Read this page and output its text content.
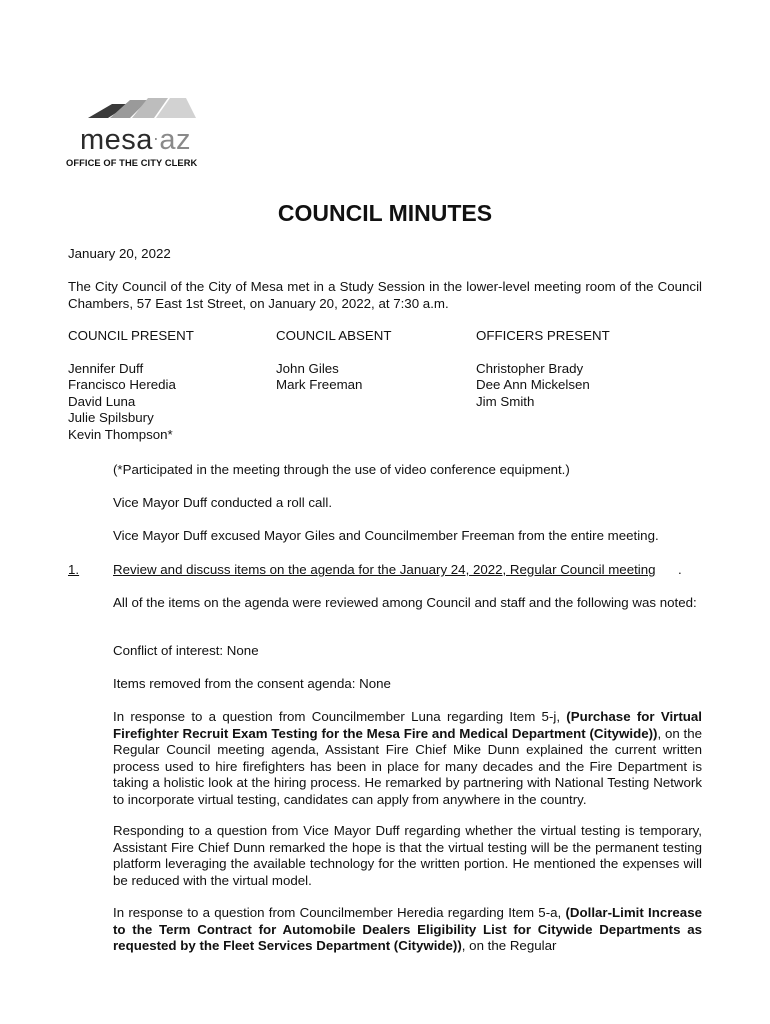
mesa·az
OFFICE OF THE CITY CLERK
COUNCIL MINUTES

January 20, 2022

The City Council of the City of Mesa met in a Study Session in the lower-level meeting room of the Council Chambers, 57 East 1st Street, on January 20, 2022, at 7:30 a.m.

COUNCIL PRESENT
Jennifer Duff
Francisco Heredia
David Luna
Julie Spilsbury
Kevin Thompson*
COUNCIL ABSENT
John Giles
Mark Freeman
OFFICERS PRESENT
Christopher Brady
Dee Ann Mickelsen
Jim Smith

(*Participated in the meeting through the use of video conference equipment.)

Vice Mayor Duff conducted a roll call.

Vice Mayor Duff excused Mayor Giles and Councilmember Freeman from the entire meeting.

1.	Review and discuss items on the agenda for the January 24, 2022, Regular Council meeting .

All of the items on the agenda were reviewed among Council and staff and the following was noted:

Conflict of interest: None

Items removed from the consent agenda: None

In response to a question from Councilmember Luna regarding Item 5-j, (Purchase for Virtual Firefighter Recruit Exam Testing for the Mesa Fire and Medical Department (Citywide)), on the Regular Council meeting agenda, Assistant Fire Chief Mike Dunn explained the current written process used to hire firefighters has been in place for many decades and the Fire Department is taking a holistic look at the hiring process. He remarked by partnering with National Testing Network to incorporate virtual testing, candidates can apply from anywhere in the country.

Responding to a question from Vice Mayor Duff regarding whether the virtual testing is temporary, Assistant Fire Chief Dunn remarked the hope is that the virtual testing will be the permanent testing platform leveraging the available technology for the written portion. He mentioned the expenses will be reduced with the virtual model.

In response to a question from Councilmember Heredia regarding Item 5-a, (Dollar-Limit Increase to the Term Contract for Automobile Dealers Eligibility List for Citywide Departments as requested by the Fleet Services Department (Citywide)), on the Regular
